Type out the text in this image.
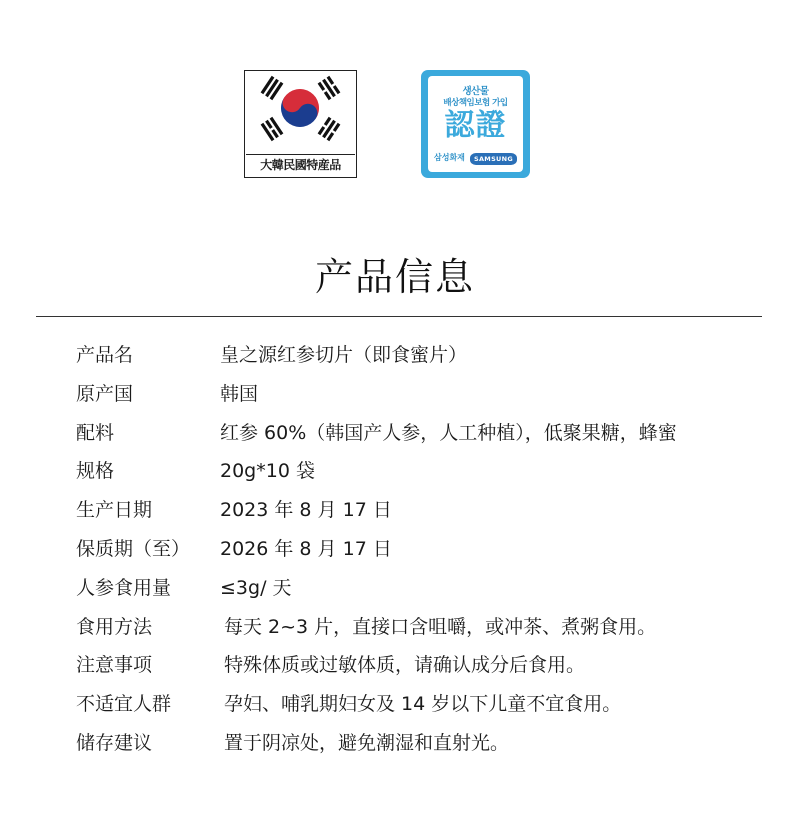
大韓民國特産品
생산물
배상책임보험 가입
認證
삼성화재	SAMSUNG
产品信息
产品名	皇之源红参切片（即食蜜片）
原产国	韩国
配料	红参 60%（韩国产人参，人工种植），低聚果糖，蜂蜜
规格	20g*10 袋
生产日期	2023 年 8 月 17 日
保质期（至） 2026 年 8 月 17 日
人参食用量	≤3g/ 天
食用方法	每天 2~3 片，直接口含咀嚼，或冲茶、煮粥食用。
注意事项	特殊体质或过敏体质，请确认成分后食用。
不适宜人群	孕妇、哺乳期妇女及 14 岁以下儿童不宜食用。
储存建议	置于阴凉处，避免潮湿和直射光。
